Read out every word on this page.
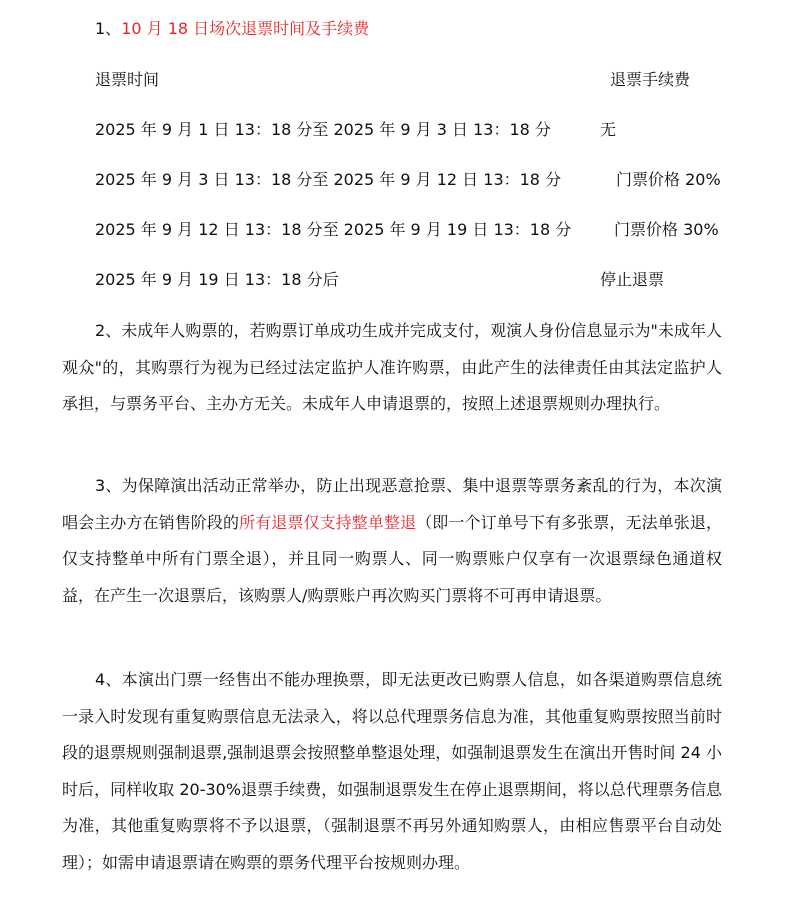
1、10 月 18 日场次退票时间及手续费
退票时间	退票手续费
2025 年 9 月 1 日 13：18 分至 2025 年 9 月 3 日 13：18 分	无
2025 年 9 月 3 日 13：18 分至 2025 年 9 月 12 日 13：18 分	门票价格 20%
2025 年 9 月 12 日 13：18 分至 2025 年 9 月 19 日 13：18 分	门票价格 30%
2025 年 9 月 19 日 13：18 分后	停止退票
2、未成年人购票的，若购票订单成功生成并完成支付，观演人身份信息显示为"未成年人观众"的，其购票行为视为已经过法定监护人准许购票，由此产生的法律责任由其法定监护人承担，与票务平台、主办方无关。未成年人申请退票的，按照上述退票规则办理执行。
3、为保障演出活动正常举办，防止出现恶意抢票、集中退票等票务紊乱的行为，本次演唱会主办方在销售阶段的所有退票仅支持整单整退（即一个订单号下有多张票，无法单张退，仅支持整单中所有门票全退），并且同一购票人、同一购票账户仅享有一次退票绿色通道权益，在产生一次退票后，该购票人/购票账户再次购买门票将不可再申请退票。
4、本演出门票一经售出不能办理换票，即无法更改已购票人信息，如各渠道购票信息统一录入时发现有重复购票信息无法录入，将以总代理票务信息为准，其他重复购票按照当前时段的退票规则强制退票,强制退票会按照整单整退处理，如强制退票发生在演出开售时间 24 小时后，同样收取 20-30%退票手续费，如强制退票发生在停止退票期间，将以总代理票务信息为准，其他重复购票将不予以退票，（强制退票不再另外通知购票人，由相应售票平台自动处理）；如需申请退票请在购票的票务代理平台按规则办理。
